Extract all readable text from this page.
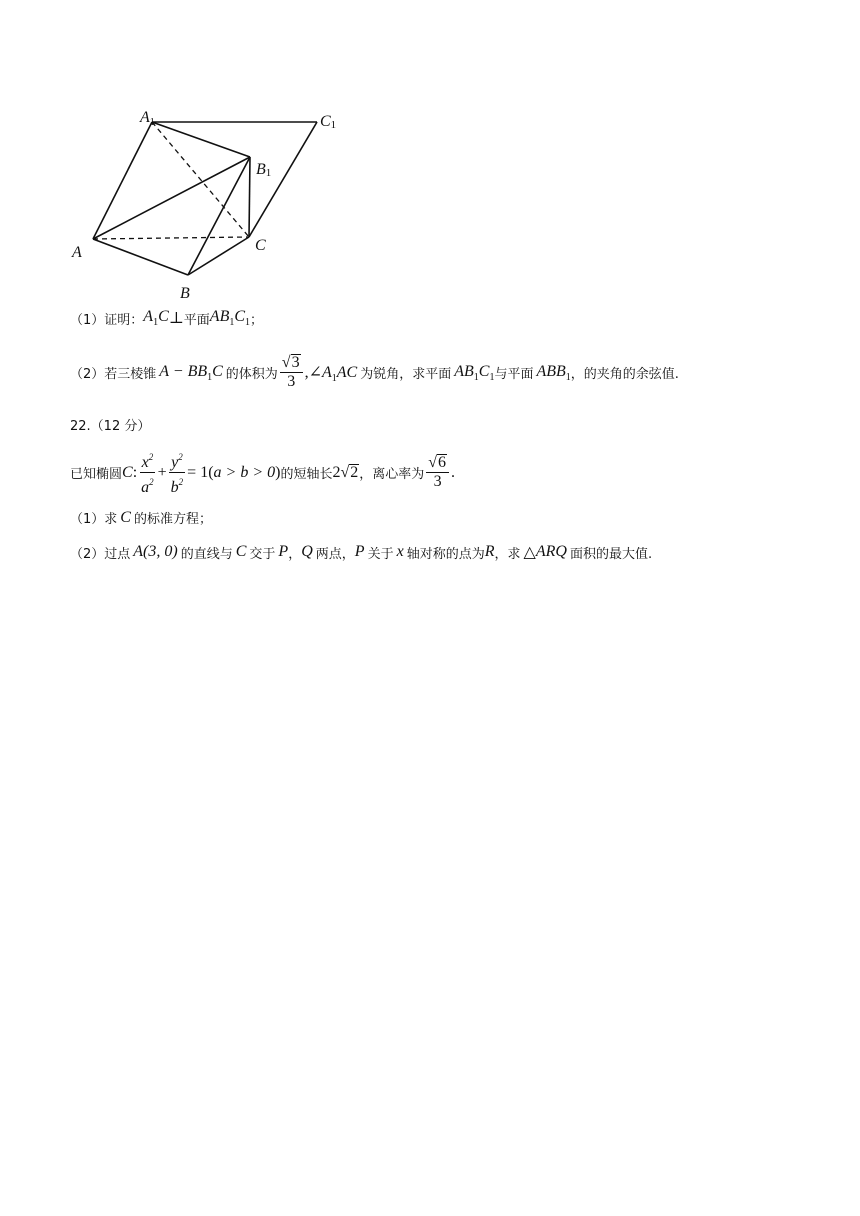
A1	C1
B1
A
B
C
（1）证明： $A_1C$ ⊥ 平面 $AB_1C_1$ ；
（2）若三棱锥 $A - BB_1C$ 的体积为 $\frac{√3}{3}$ , $\angle A_1AC$ 为锐角，求平面 $AB_1C_1$ 与平面 $ABB_1$ ，的夹角的余弦值.
22.（12 分）
已知椭圆 C : $\frac{x^2}{a^2} + \frac{y^2}{b^2} = 1$( a > b > 0 ) 的短轴长 2√2 ，离心率为 $\frac{√6}{3}$ .
（1）求 C 的标准方程；
（2）过点 A(3, 0) 的直线与 C 交于 P ， Q 两点， P 关于 x 轴对称的点为 R ，求 △ ARQ 面积的最大值.
